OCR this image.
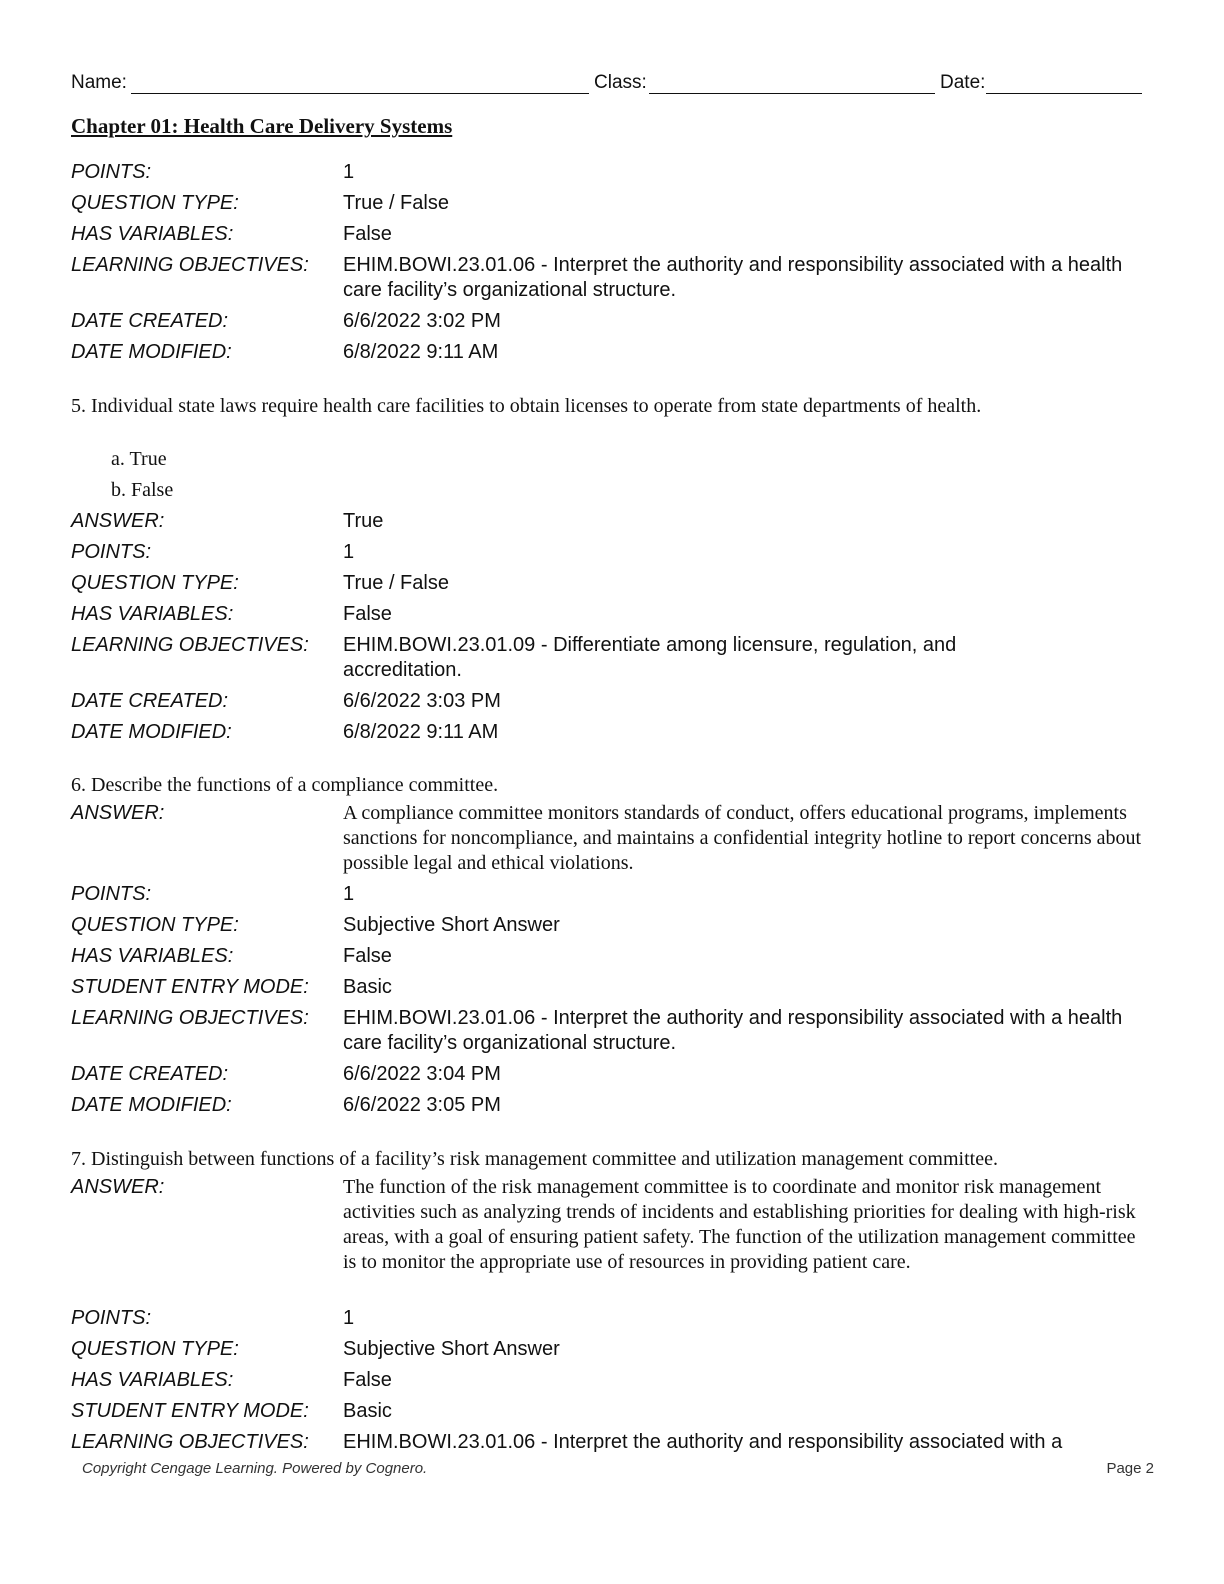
Name:	Class:	Date:
Chapter 01: Health Care Delivery Systems
POINTS:	1
QUESTION TYPE:	True / False
HAS VARIABLES:	False
LEARNING OBJECTIVES: EHIM.BOWI.23.01.06 - Interpret the authority and responsibility associated with a health care facility’s organizational structure.
DATE CREATED:	6/6/2022 3:02 PM
DATE MODIFIED:	6/8/2022 9:11 AM
5. Individual state laws require health care facilities to obtain licenses to operate from state departments of health.
a. True
b. False
ANSWER:	True
POINTS:	1
QUESTION TYPE:	True / False
HAS VARIABLES:	False
LEARNING OBJECTIVES: EHIM.BOWI.23.01.09 - Differentiate among licensure, regulation, and accreditation.
DATE CREATED:	6/6/2022 3:03 PM
DATE MODIFIED:	6/8/2022 9:11 AM
6. Describe the functions of a compliance committee.
ANSWER:	A compliance committee monitors standards of conduct, offers educational programs, implements sanctions for noncompliance, and maintains a confidential integrity hotline to report concerns about possible legal and ethical violations.
POINTS:	1
QUESTION TYPE:	Subjective Short Answer
HAS VARIABLES:	False
STUDENT ENTRY MODE: Basic
LEARNING OBJECTIVES: EHIM.BOWI.23.01.06 - Interpret the authority and responsibility associated with a health care facility’s organizational structure.
DATE CREATED:	6/6/2022 3:04 PM
DATE MODIFIED:	6/6/2022 3:05 PM
7. Distinguish between functions of a facility’s risk management committee and utilization management committee.
ANSWER:	The function of the risk management committee is to coordinate and monitor risk management activities such as analyzing trends of incidents and establishing priorities for dealing with high-risk areas, with a goal of ensuring patient safety. The function of the utilization management committee is to monitor the appropriate use of resources in providing patient care.
POINTS:	1
QUESTION TYPE:	Subjective Short Answer
HAS VARIABLES:	False
STUDENT ENTRY MODE: Basic
LEARNING OBJECTIVES: EHIM.BOWI.23.01.06 - Interpret the authority and responsibility associated with a
Copyright Cengage Learning. Powered by Cognero.	Page 2
